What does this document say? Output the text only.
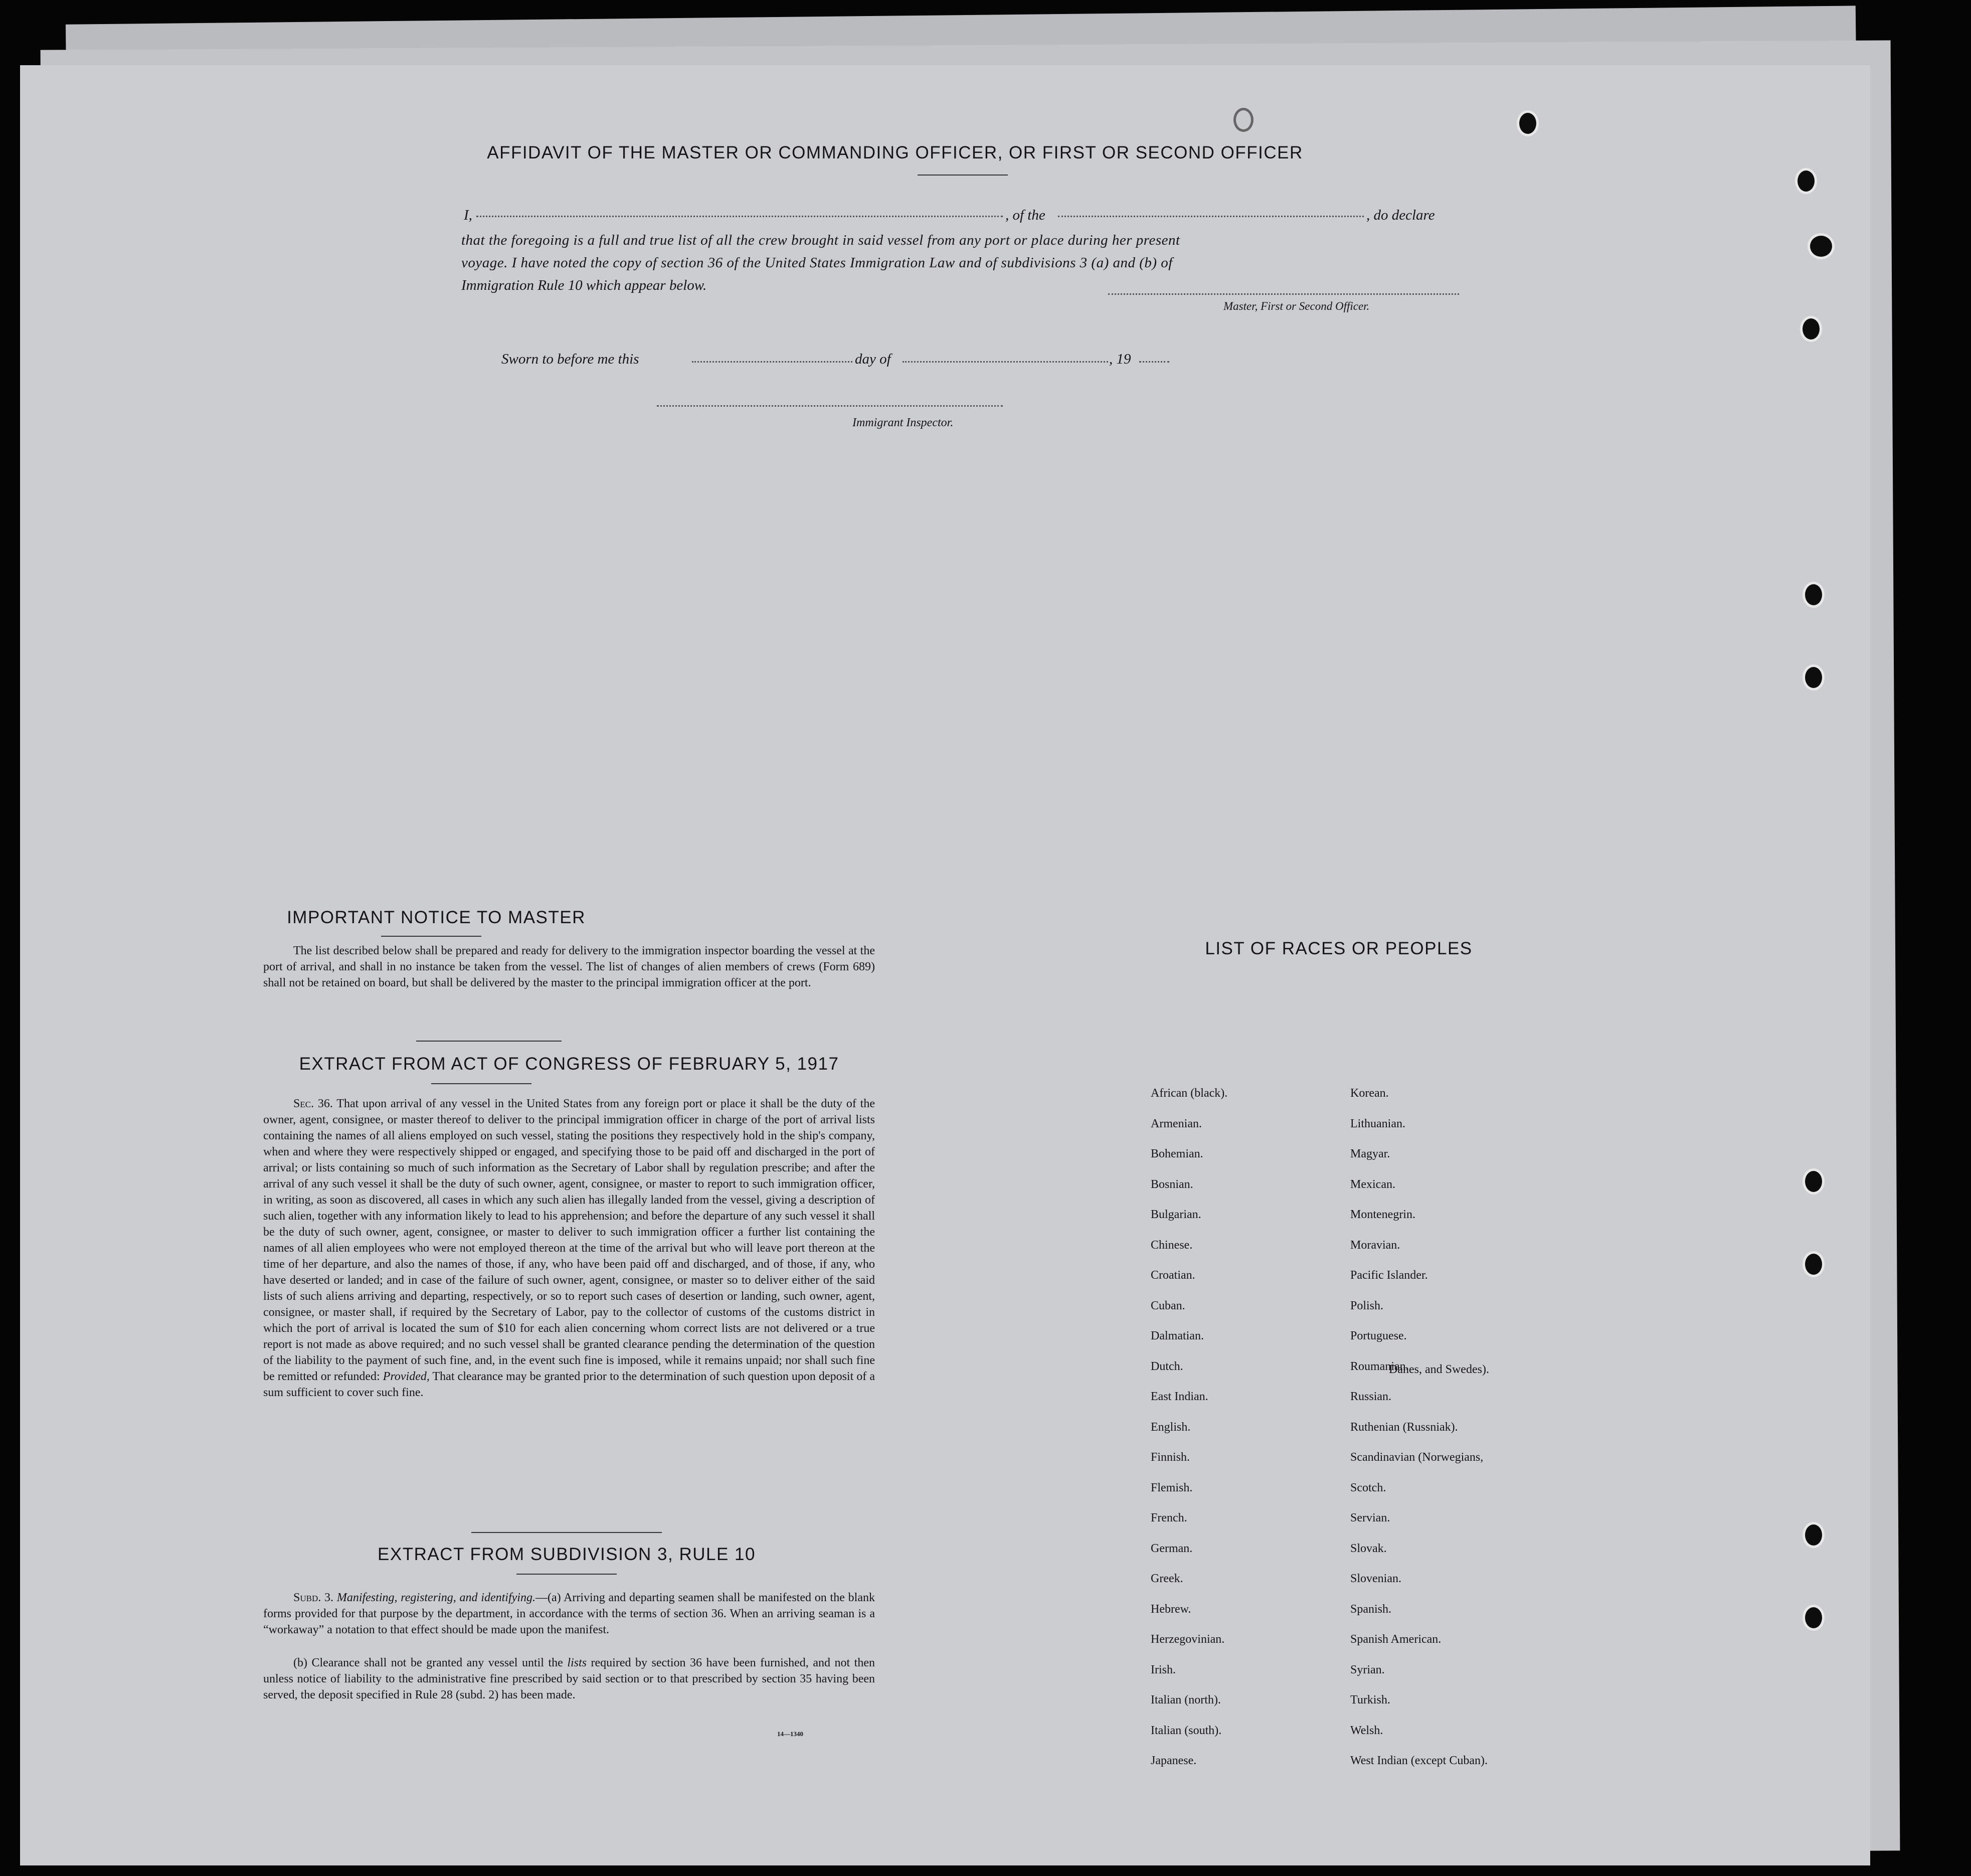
AFFIDAVIT OF THE MASTER OR COMMANDING OFFICER, OR FIRST OR SECOND OFFICER
I,	, of the	, do declare
that the foregoing is a full and true list of all the crew brought in said vessel from any port or place during her present
voyage. I have noted the copy of section 36 of the United States Immigration Law and of subdivisions 3 (a) and (b) of
Immigration Rule 10 which appear below.
Master, First or Second Officer.
Sworn to before me this	day of	, 19
Immigrant Inspector.
IMPORTANT NOTICE TO MASTER
The list described below shall be prepared and ready for delivery to the immigration inspector boarding the vessel at the port of arrival, and shall in no instance be taken from the vessel. The list of changes of alien members of crews (Form 689) shall not be retained on board, but shall be delivered by the master to the principal immigration officer at the port.
EXTRACT FROM ACT OF CONGRESS OF FEBRUARY 5, 1917
Sec. 36. That upon arrival of any vessel in the United States from any foreign port or place it shall be the duty of the owner, agent, consignee, or master thereof to deliver to the principal immigration officer in charge of the port of arrival lists containing the names of all aliens employed on such vessel, stating the positions they respectively hold in the ship's company, when and where they were respectively shipped or engaged, and specifying those to be paid off and discharged in the port of arrival; or lists containing so much of such information as the Secretary of Labor shall by regulation prescribe; and after the arrival of any such vessel it shall be the duty of such owner, agent, consignee, or master to report to such immigration officer, in writing, as soon as discovered, all cases in which any such alien has illegally landed from the vessel, giving a description of such alien, together with any information likely to lead to his apprehension; and before the departure of any such vessel it shall be the duty of such owner, agent, consignee, or master to deliver to such immigration officer a further list containing the names of all alien employees who were not employed thereon at the time of the arrival but who will leave port thereon at the time of her departure, and also the names of those, if any, who have been paid off and discharged, and of those, if any, who have deserted or landed; and in case of the failure of such owner, agent, consignee, or master so to deliver either of the said lists of such aliens arriving and departing, respectively, or so to report such cases of desertion or landing, such owner, agent, consignee, or master shall, if required by the Secretary of Labor, pay to the collector of customs of the customs district in which the port of arrival is located the sum of $10 for each alien concerning whom correct lists are not delivered or a true report is not made as above required; and no such vessel shall be granted clearance pending the determination of the question of the liability to the payment of such fine, and, in the event such fine is imposed, while it remains unpaid; nor shall such fine be remitted or refunded: Provided, That clearance may be granted prior to the determination of such question upon deposit of a sum sufficient to cover such fine.
EXTRACT FROM SUBDIVISION 3, RULE 10
Subd. 3. Manifesting, registering, and identifying.—(a) Arriving and departing seamen shall be manifested on the blank forms provided for that purpose by the department, in accordance with the terms of section 36. When an arriving seaman is a “workaway” a notation to that effect should be made upon the manifest.
(b) Clearance shall not be granted any vessel until the lists required by section 36 have been furnished, and not then unless notice of liability to the administrative fine prescribed by said section or to that prescribed by section 35 having been served, the deposit specified in Rule 28 (subd. 2) has been made.
14—1340
LIST OF RACES OR PEOPLES
Danes, and Swedes).
African (black).
Armenian.
Bohemian.
Bosnian.
Bulgarian.
Chinese.
Croatian.
Cuban.
Dalmatian.
Dutch.
East Indian.
English.
Finnish.
Flemish.
French.
German.
Greek.
Hebrew.
Herzegovinian.
Irish.
Italian (north).
Italian (south).
Japanese.
Korean.
Lithuanian.
Magyar.
Mexican.
Montenegrin.
Moravian.
Pacific Islander.
Polish.
Portuguese.
Roumanian.
Russian.
Ruthenian (Russniak).
Scandinavian (Norwegians,
Scotch.
Servian.
Slovak.
Slovenian.
Spanish.
Spanish American.
Syrian.
Turkish.
Welsh.
West Indian (except Cuban).
